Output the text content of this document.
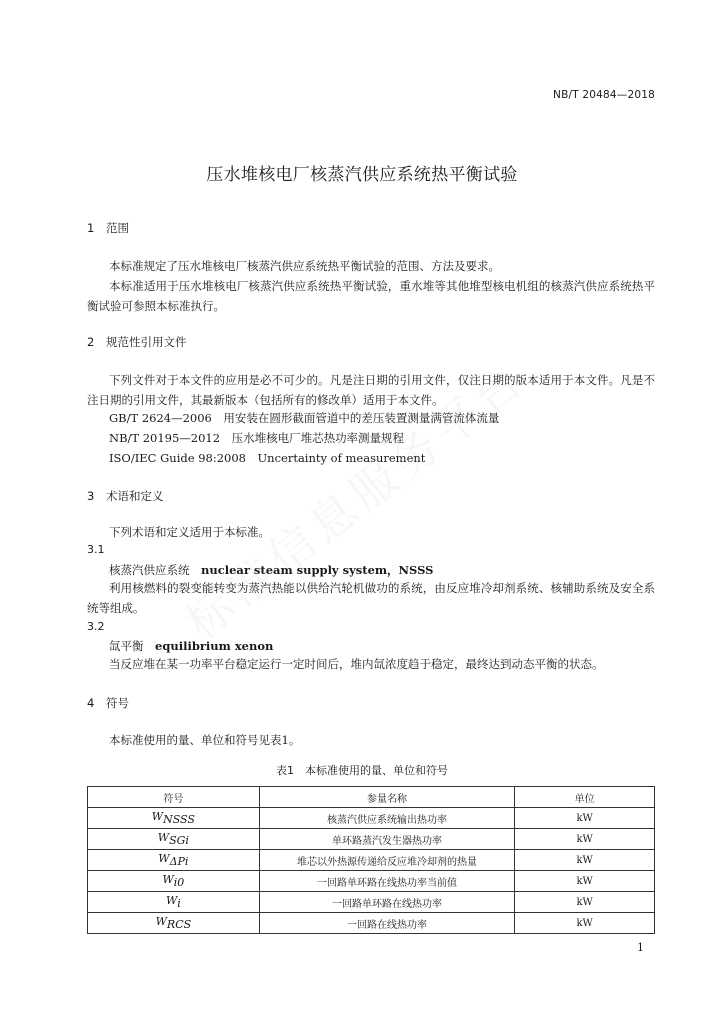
NB/T 20484—2018
压水堆核电厂核蒸汽供应系统热平衡试验
1 范围
本标准规定了压水堆核电厂核蒸汽供应系统热平衡试验的范围、方法及要求。
本标准适用于压水堆核电厂核蒸汽供应系统热平衡试验，重水堆等其他堆型核电机组的核蒸汽供应系统热平衡试验可参照本标准执行。
2 规范性引用文件
下列文件对于本文件的应用是必不可少的。凡是注日期的引用文件，仅注日期的版本适用于本文件。凡是不注日期的引用文件，其最新版本（包括所有的修改单）适用于本文件。
GB/T 2624—2006　用安装在圆形截面管道中的差压装置测量满管流体流量
NB/T 20195—2012　压水堆核电厂堆芯热功率测量规程
ISO/IEC Guide 98:2008　Uncertainty of measurement
3 术语和定义
下列术语和定义适用于本标准。
3.1
核蒸汽供应系统　 nuclear steam supply system，NSSS
利用核燃料的裂变能转变为蒸汽热能以供给汽轮机做功的系统，由反应堆冷却剂系统、核辅助系统及安全系统等组成。
3.2
氙平衡　 equilibrium xenon
当反应堆在某一功率平台稳定运行一定时间后，堆内氙浓度趋于稳定，最终达到动态平衡的状态。
4 符号
本标准使用的量、单位和符号见表1。
表1　本标准使用的量、单位和符号
符号	参量名称	单位
$W_{NSSS}$	核蒸汽供应系统输出热功率	kW
$W_{SGi}$	单环路蒸汽发生器热功率	kW
$W_{\Delta Pi}$	堆芯以外热源传递给反应堆冷却剂的热量	kW
$W_{i0}$	一回路单环路在线热功率当前值	kW
$W_i$	一回路单环路在线热功率	kW
$W_{RCS}$	一回路在线热功率	kW
1
